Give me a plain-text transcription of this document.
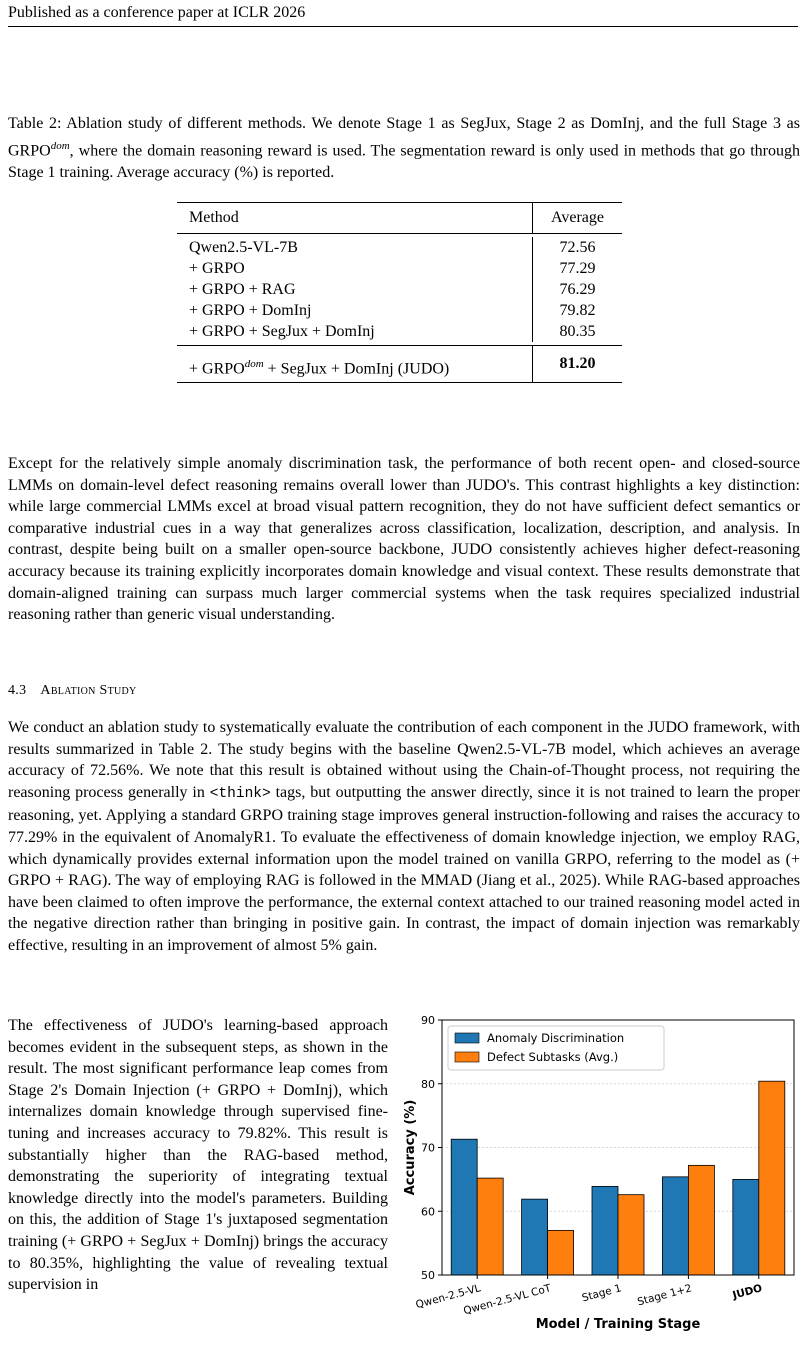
Published as a conference paper at ICLR 2026
Table 2: Ablation study of different methods. We denote Stage 1 as SegJux, Stage 2 as DomInj, and the full Stage 3 as $GRPO^{dom}$, where the domain reasoning reward is used. The segmentation reward is only used in methods that go through Stage 1 training. Average accuracy (%) is reported.
Method	Average
Qwen2.5-VL-7B	72.56
+ GRPO	77.29
+ GRPO + RAG	76.29
+ GRPO + DomInj	79.82
+ GRPO + SegJux + DomInj	80.35
+ $GRPO^{dom}$ + SegJux + DomInj (JUDO)	81.20
Except for the relatively simple anomaly discrimination task, the performance of both recent open- and closed-source LMMs on domain-level defect reasoning remains overall lower than JUDO's. This contrast highlights a key distinction: while large commercial LMMs excel at broad visual pattern recognition, they do not have sufficient defect semantics or comparative industrial cues in a way that generalizes across classification, localization, description, and analysis. In contrast, despite being built on a smaller open-source backbone, JUDO consistently achieves higher defect-reasoning accuracy because its training explicitly incorporates domain knowledge and visual context. These results demonstrate that domain-aligned training can surpass much larger commercial systems when the task requires specialized industrial reasoning rather than generic visual understanding.
4.3 Ablation Study
We conduct an ablation study to systematically evaluate the contribution of each component in the JUDO framework, with results summarized in Table 2. The study begins with the baseline Qwen2.5-VL-7B model, which achieves an average accuracy of 72.56%. We note that this result is obtained without using the Chain-of-Thought process, not requiring the reasoning process generally in <think> tags, but outputting the answer directly, since it is not trained to learn the proper reasoning, yet. Applying a standard GRPO training stage improves general instruction-following and raises the accuracy to 77.29% in the equivalent of AnomalyR1. To evaluate the effectiveness of domain knowledge injection, we employ RAG, which dynamically provides external information upon the model trained on vanilla GRPO, referring to the model as (+ GRPO + RAG). The way of employing RAG is followed in the MMAD (Jiang et al., 2025). While RAG-based approaches have been claimed to often improve the performance, the external context attached to our trained reasoning model acted in the negative direction rather than bringing in positive gain. In contrast, the impact of domain injection was remarkably effective, resulting in an improvement of almost 5% gain.
The effectiveness of JUDO's learning-based approach becomes evident in the subsequent steps, as shown in the result. The most significant performance leap comes from Stage 2's Domain Injection (+ GRPO + DomInj), which internalizes domain knowledge through supervised fine-tuning and increases accuracy to 79.82%. This result is substantially higher than the RAG-based method, demonstrating the superiority of integrating textual knowledge directly into the model's parameters. Building on this, the addition of Stage 1's juxtaposed segmentation training (+ GRPO + SegJux + DomInj) brings the accuracy to 80.35%, highlighting the value of revealing textual supervision in
50
60
70
80
90
Qwen-2.5-VL
Qwen-2.5-VL CoT	Stage 1 Stage 1+2	JUDO
Model / Training Stage
Accuracy (%)
Anomaly Discrimination
Defect Subtasks (Avg.)
